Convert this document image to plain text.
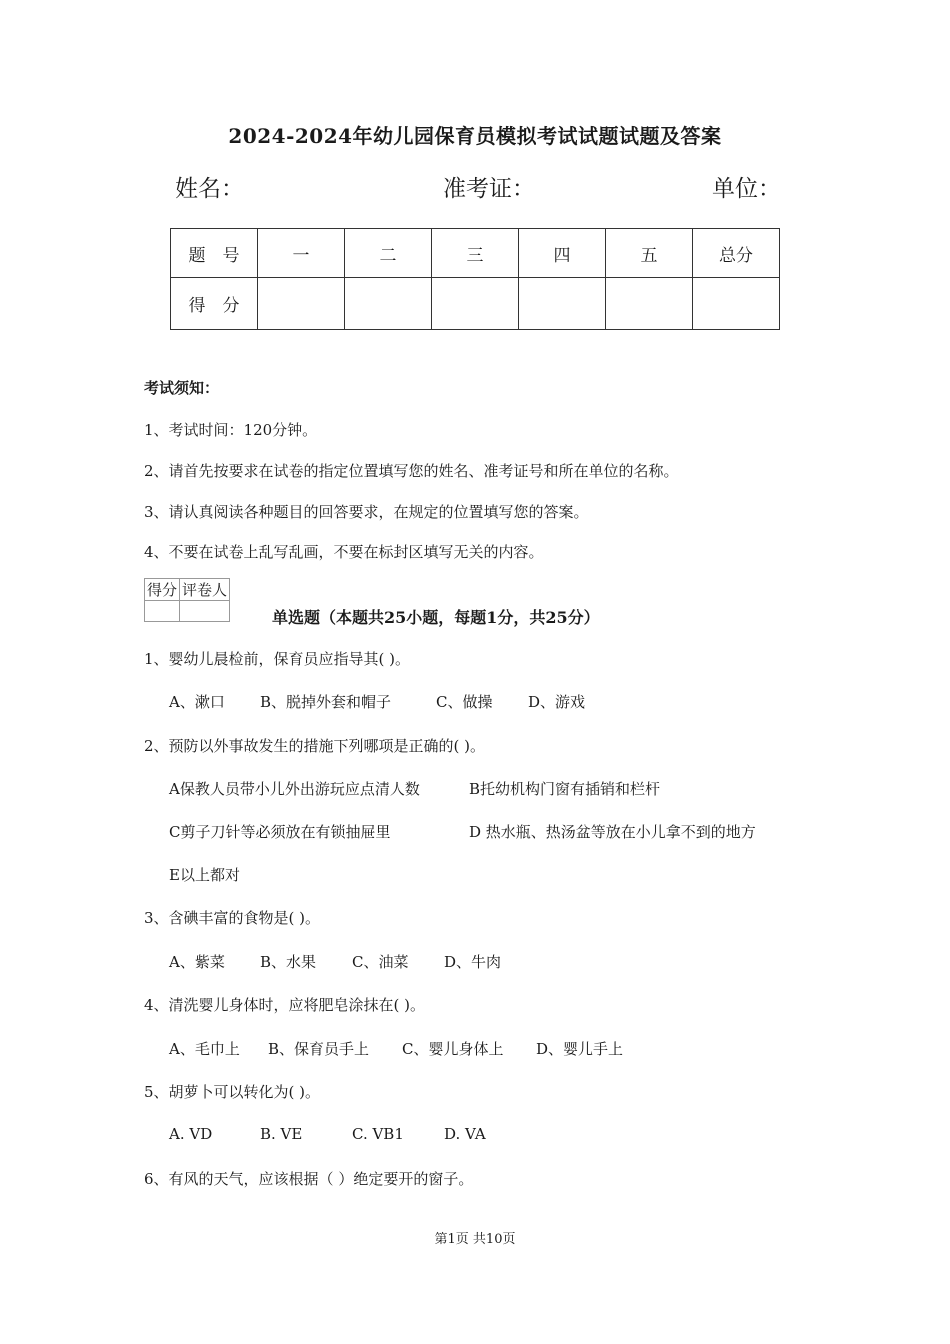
2024-2024年幼儿园保育员模拟考试试题试题及答案
姓名：	准考证：	单位：
题　号	一	二	三	四	五	总分
得　分						
考试须知：
1、考试时间：120分钟。
2、请首先按要求在试卷的指定位置填写您的姓名、准考证号和所在单位的名称。
3、请认真阅读各种题目的回答要求，在规定的位置填写您的答案。
4、不要在试卷上乱写乱画，不要在标封区填写无关的内容。
得分	评卷人

单选题（本题共25小题，每题1分，共25分）
1、婴幼儿晨检前，保育员应指导其( )。
A、漱口 B、脱掉外套和帽子	C、做操 D、游戏
2、预防以外事故发生的措施下列哪项是正确的( )。
A保教人员带小儿外出游玩应点清人数	B托幼机构门窗有插销和栏杆
C剪子刀针等必须放在有锁抽屉里	D 热水瓶、热汤盆等放在小儿拿不到的地方
E以上都对
3、含碘丰富的食物是( )。
A、紫菜 B、水果 C、油菜 D、牛肉
4、清洗婴儿身体时，应将肥皂涂抹在( )。
A、毛巾上 B、保育员手上 C、婴儿身体上 D、婴儿手上
5、胡萝卜可以转化为( )。
A. VD	B. VE	C. VB1	D. VA
6、有风的天气，应该根据（ ）绝定要开的窗子。
第1页 共10页
